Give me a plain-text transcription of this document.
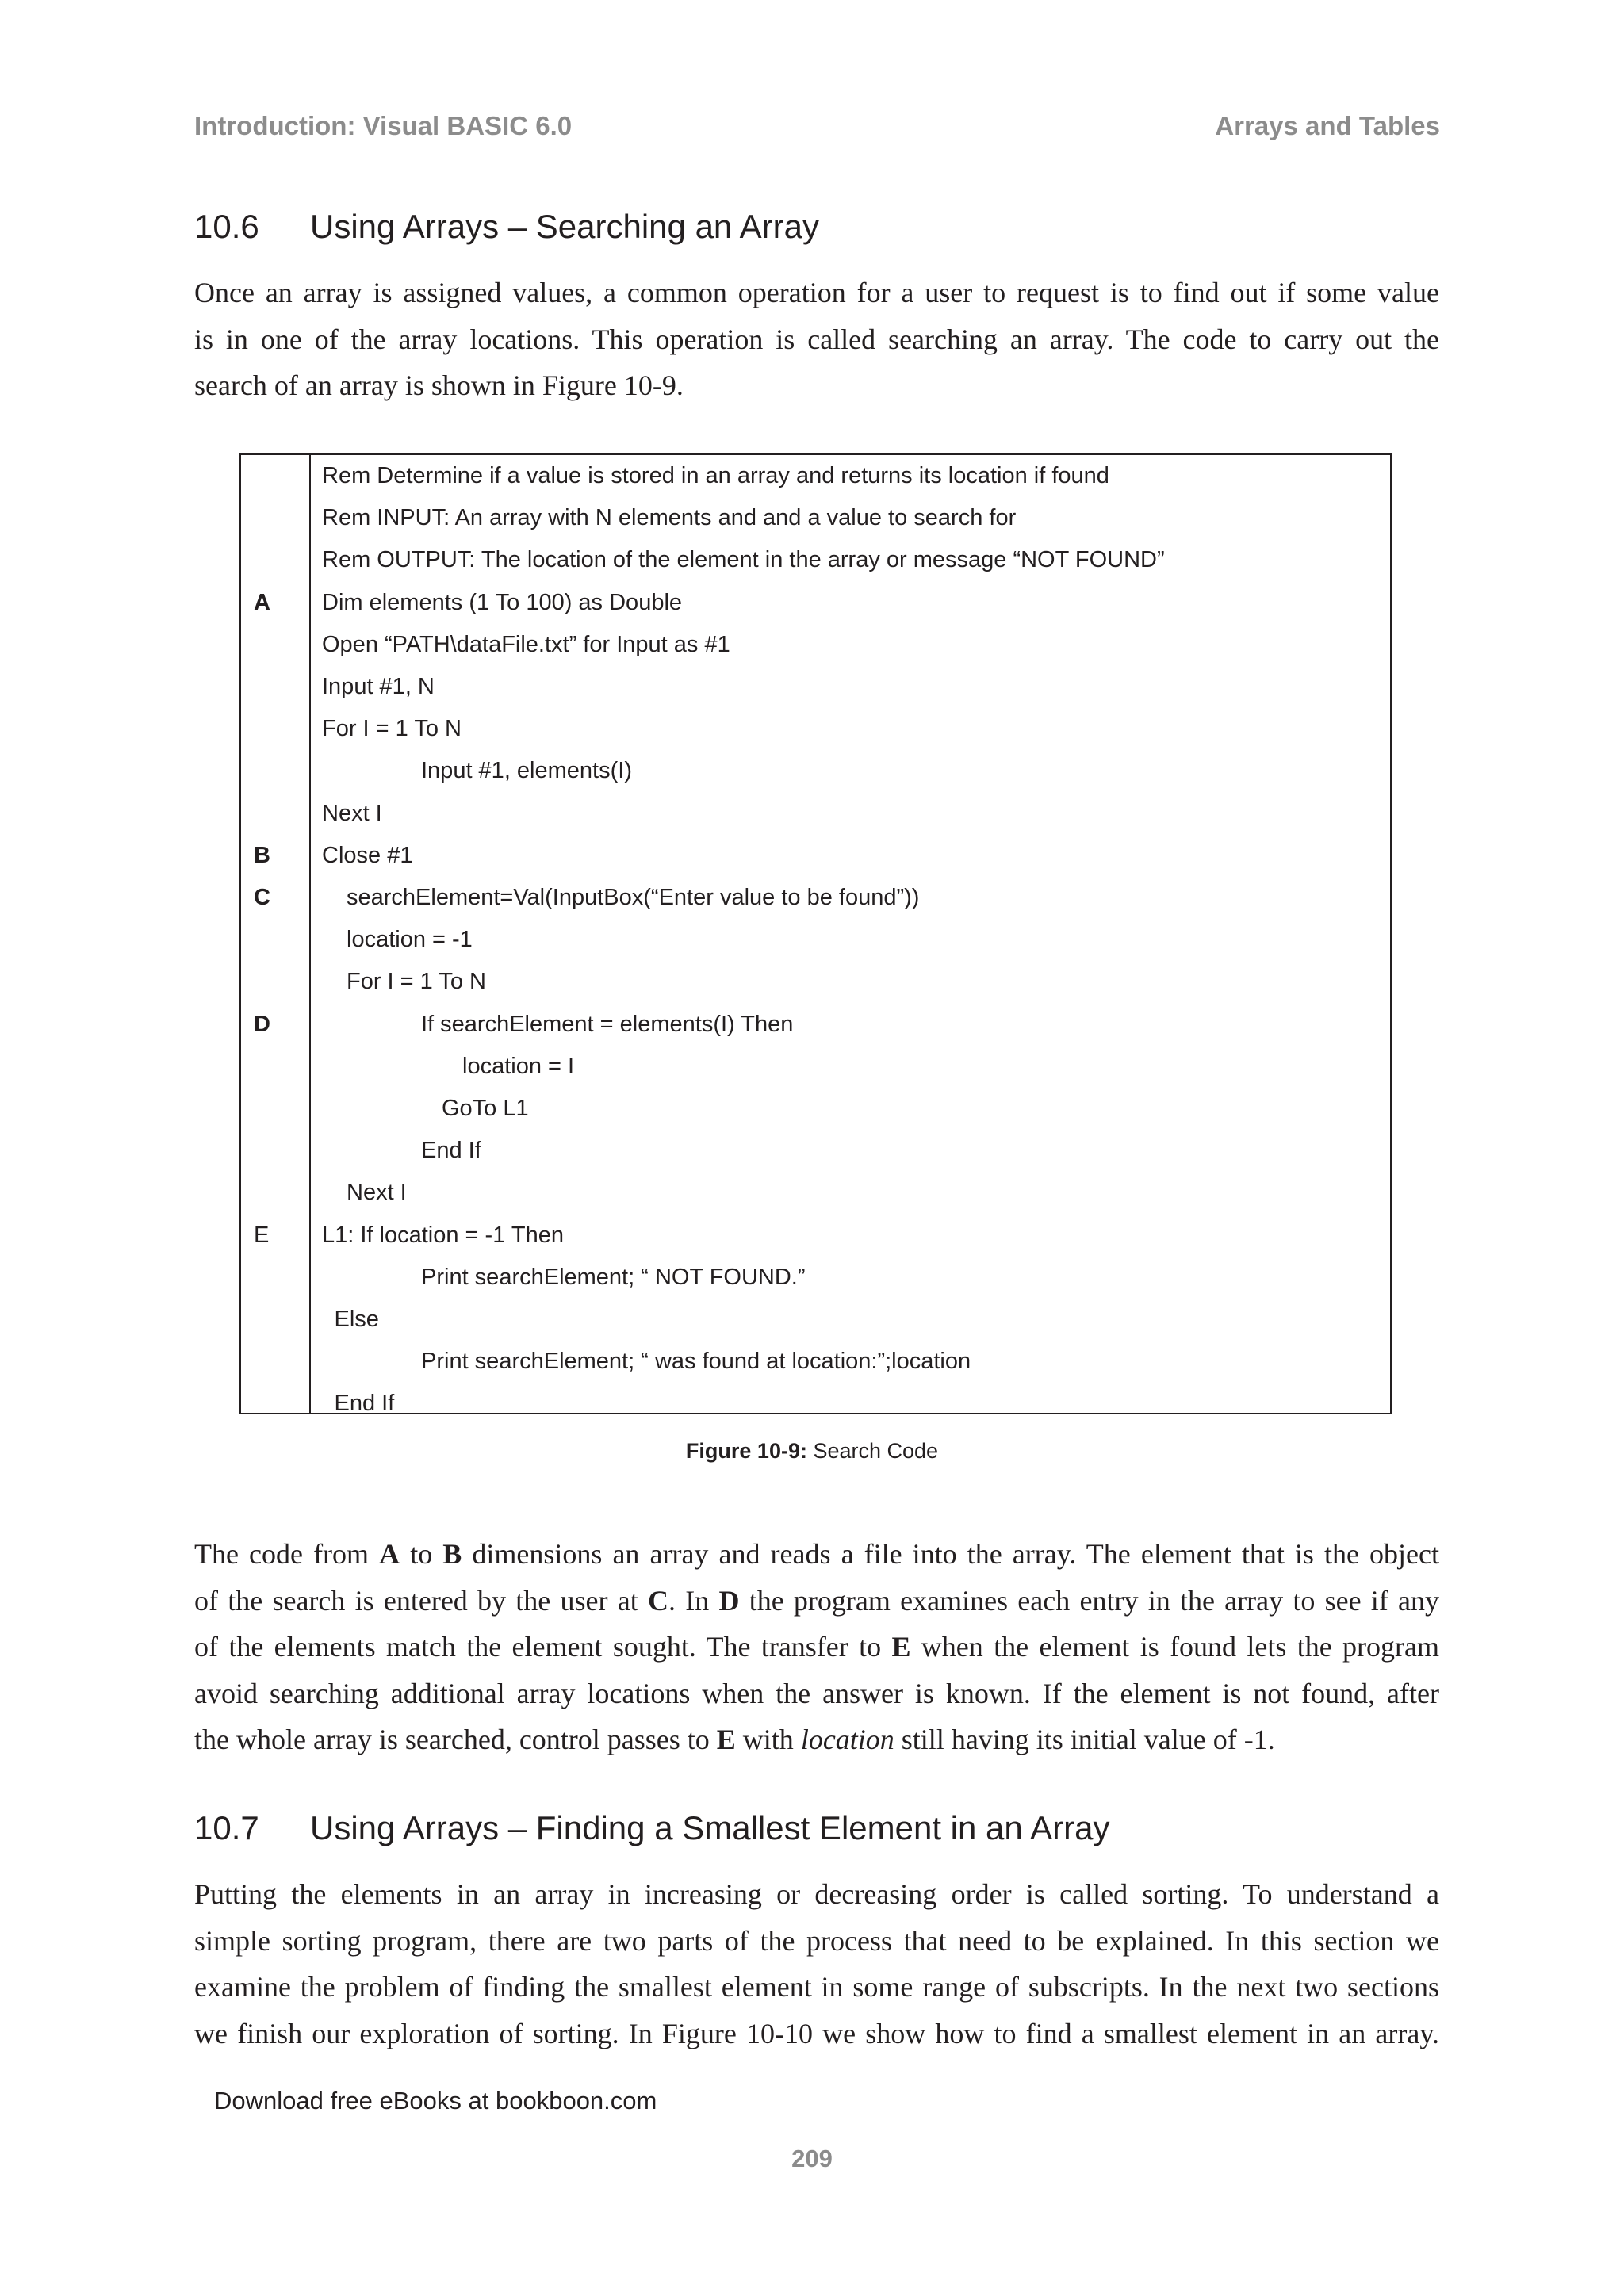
Introduction: Visual BASIC 6.0	Arrays and Tables
10.6 Using Arrays – Searching an Array
Once an array is assigned values, a common operation for a user to request is to find out if some value
is in one of the array locations. This operation is called searching an array. The code to carry out the
search of an array is shown in Figure 10-9.
Rem Determine if a value is stored in an array and returns its location if found
Rem INPUT: An array with N elements and and a value to search for
Rem OUTPUT: The location of the element in the array or message “NOT FOUND”
A Dim elements (1 To 100) as Double
Open “PATH\dataFile.txt” for Input as #1
Input #1, N
For I = 1 To N
Input #1, elements(I)
Next I
B Close #1
C	searchElement=Val(InputBox(“Enter value to be found”))
location = -1
For I = 1 To N
D	If searchElement = elements(I) Then
location = I
GoTo L1
End If
Next I
E L1: If location = -1 Then
Print searchElement; “ NOT FOUND.”
Else
Print searchElement; “ was found at location:”;location
End If
Figure 10-9: Search Code
The code from A to B dimensions an array and reads a file into the array. The element that is the object
of the search is entered by the user at C. In D the program examines each entry in the array to see if any
of the elements match the element sought. The transfer to E when the element is found lets the program
avoid searching additional array locations when the answer is known. If the element is not found, after
the whole array is searched, control passes to E with location still having its initial value of -1.
10.7 Using Arrays – Finding a Smallest Element in an Array
Putting the elements in an array in increasing or decreasing order is called sorting. To understand a
simple sorting program, there are two parts of the process that need to be explained. In this section we
examine the problem of finding the smallest element in some range of subscripts. In the next two sections
we finish our exploration of sorting. In Figure 10-10 we show how to find a smallest element in an array.
Download free eBooks at bookboon.com
209
